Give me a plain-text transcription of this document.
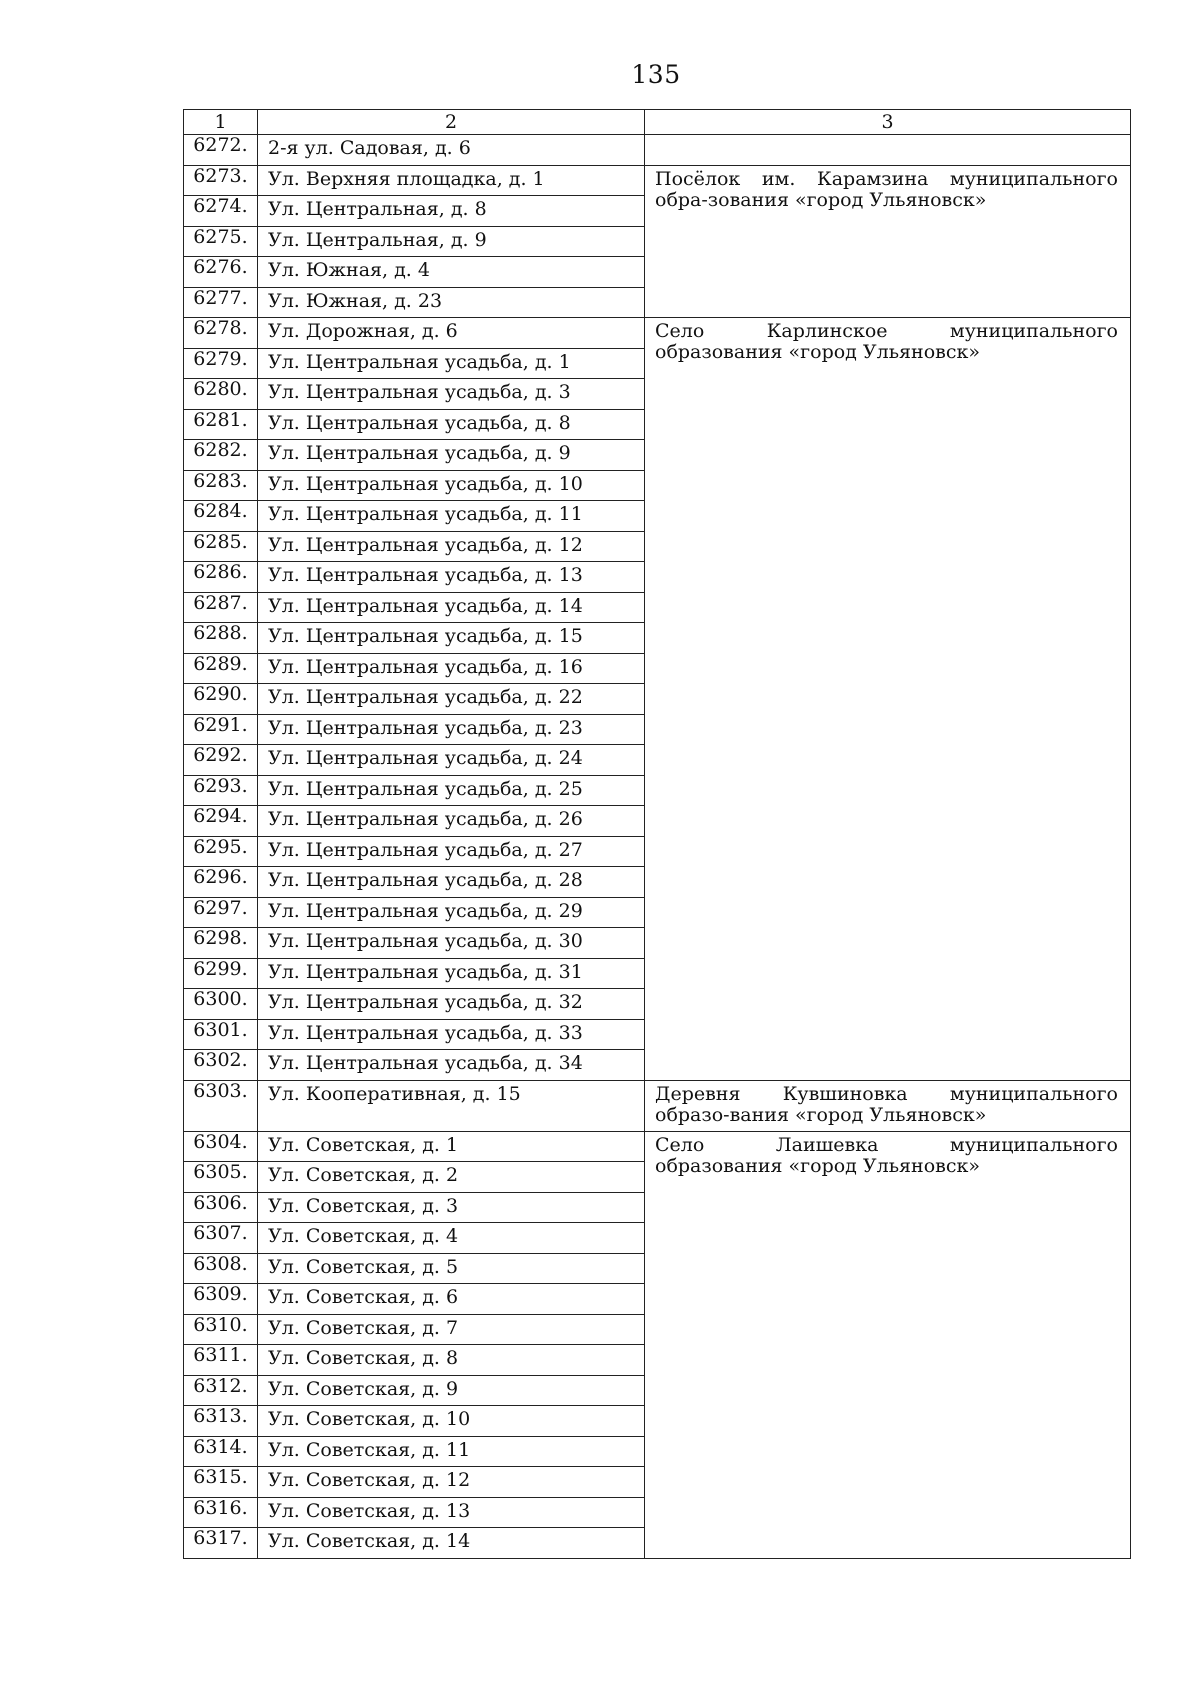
135
1	2	3
6272.	2-я ул. Садовая, д. 6	

6273.	Ул. Верхняя площадка, д. 1	Посёлок им. Карамзина муниципального обра-зования «город Ульяновск»

6274.	Ул. Центральная, д. 8	
6275.	Ул. Центральная, д. 9	
6276.	Ул. Южная, д. 4	
6277.	Ул. Южная, д. 23	
6278.	Ул. Дорожная, д. 6	Село Карлинское муниципального образования «город Ульяновск»

6279.	Ул. Центральная усадьба, д. 1	
6280.	Ул. Центральная усадьба, д. 3	
6281.	Ул. Центральная усадьба, д. 8	
6282.	Ул. Центральная усадьба, д. 9	
6283.	Ул. Центральная усадьба, д. 10	
6284.	Ул. Центральная усадьба, д. 11	
6285.	Ул. Центральная усадьба, д. 12	
6286.	Ул. Центральная усадьба, д. 13	
6287.	Ул. Центральная усадьба, д. 14	
6288.	Ул. Центральная усадьба, д. 15	
6289.	Ул. Центральная усадьба, д. 16	
6290.	Ул. Центральная усадьба, д. 22	
6291.	Ул. Центральная усадьба, д. 23	
6292.	Ул. Центральная усадьба, д. 24	
6293.	Ул. Центральная усадьба, д. 25	
6294.	Ул. Центральная усадьба, д. 26	
6295.	Ул. Центральная усадьба, д. 27	
6296.	Ул. Центральная усадьба, д. 28	
6297.	Ул. Центральная усадьба, д. 29	
6298.	Ул. Центральная усадьба, д. 30	
6299.	Ул. Центральная усадьба, д. 31	
6300.	Ул. Центральная усадьба, д. 32	
6301.	Ул. Центральная усадьба, д. 33	
6302.	Ул. Центральная усадьба, д. 34	
6303.	Ул. Кооперативная, д. 15	Деревня Кувшиновка муниципального образо-вания «город Ульяновск»

6304.	Ул. Советская, д. 1	Село Лаишевка муниципального образования «город Ульяновск»

6305.	Ул. Советская, д. 2	
6306.	Ул. Советская, д. 3	
6307.	Ул. Советская, д. 4	
6308.	Ул. Советская, д. 5	
6309.	Ул. Советская, д. 6	
6310.	Ул. Советская, д. 7	
6311.	Ул. Советская, д. 8	
6312.	Ул. Советская, д. 9	
6313.	Ул. Советская, д. 10	
6314.	Ул. Советская, д. 11	
6315.	Ул. Советская, д. 12	
6316.	Ул. Советская, д. 13	
6317.	Ул. Советская, д. 14	
